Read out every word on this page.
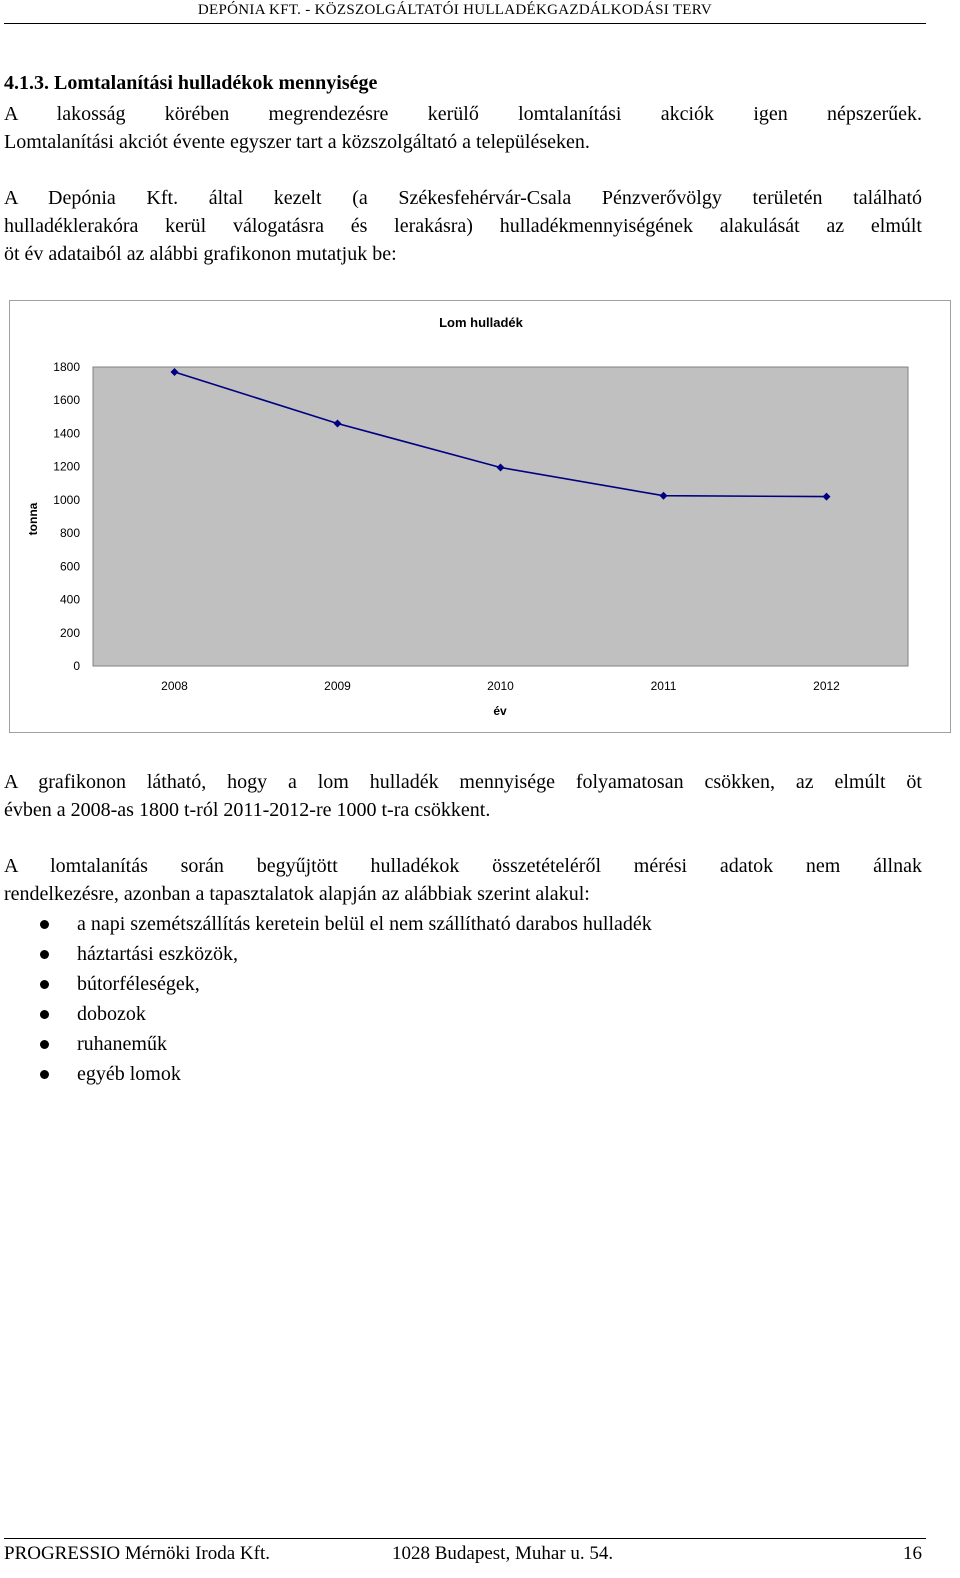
DEPÓNIA KFT. - KÖZSZOLGÁLTATÓI HULLADÉKGAZDÁLKODÁSI TERV
4.1.3. Lomtalanítási hulladékok mennyisége
A lakosság körében megrendezésre kerülő lomtalanítási akciók igen népszerűek.
Lomtalanítási akciót évente egyszer tart a közszolgáltató a településeken.
A Depónia Kft. által kezelt (a Székesfehérvár-Csala Pénzverővölgy területén található
hulladéklerakóra kerül válogatásra és lerakásra) hulladékmennyiségének alakulását az elmúlt
öt év adataiból az alábbi grafikonon mutatjuk be:
Lom hulladék
0
200
400
600
800
1000
1200
1400
1600
1800
2008	2009	2010	2011	2012
év
tonna
A grafikonon látható, hogy a lom hulladék mennyisége folyamatosan csökken, az elmúlt öt
évben a 2008-as 1800 t-ról 2011-2012-re 1000 t-ra csökkent.
A lomtalanítás során begyűjtött hulladékok összetételéről mérési adatok nem állnak
rendelkezésre, azonban a tapasztalatok alapján az alábbiak szerint alakul:
a napi szemétszállítás keretein belül el nem szállítható darabos hulladék
háztartási eszközök,
bútorféleségek,
dobozok
ruhaneműk
egyéb lomok
PROGRESSIO Mérnöki Iroda Kft.	1028 Budapest, Muhar u. 54.	16
